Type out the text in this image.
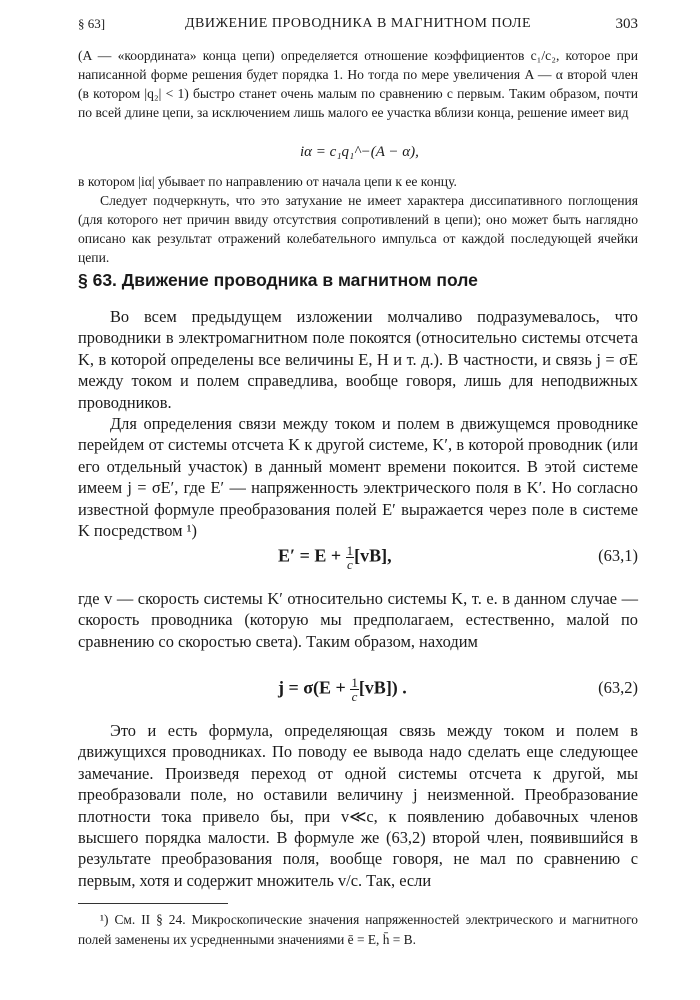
§ 63]	ДВИЖЕНИЕ ПРОВОДНИКА В МАГНИТНОМ ПОЛЕ	303

(A — «координата» конца цепи) определяется отношение коэффициентов c₁/c₂, которое при написанной форме решения будет порядка 1. Но тогда по мере увеличения A — α второй член (в котором |q₂| < 1) быстро станет очень малым по сравнению с первым. Таким образом, почти по всей длине цепи, за исключением лишь малого ее участка вблизи конца, решение имеет вид

iα = c₁q₁^−(A − α),

в котором |iα| убывает по направлению от начала цепи к ее концу.

Следует подчеркнуть, что это затухание не имеет характера диссипативного поглощения (для которого нет причин ввиду отсутствия сопротивлений в цепи); оно может быть наглядно описано как результат отражений колебательного импульса от каждой последующей ячейки цепи.

§ 63. Движение проводника в магнитном поле

Во всем предыдущем изложении молчаливо подразумевалось, что проводники в электромагнитном поле покоятся (относительно системы отсчета K, в которой определены все величины E, H и т. д.). В частности, и связь j = σE между током и полем справедлива, вообще говоря, лишь для неподвижных проводников.

Для определения связи между током и полем в движущемся проводнике перейдем от системы отсчета K к другой системе, K′, в которой проводник (или его отдельный участок) в данный момент времени покоится. В этой системе имеем j = σE′, где E′ — напряженность электрического поля в K′. Но согласно известной формуле преобразования полей E′ выражается через поле в системе K посредством ¹)

$E' = E + \frac{1}{c} [vB]$,	(63,1)

где v — скорость системы K′ относительно системы K, т. е. в данном случае — скорость проводника (которую мы предполагаем, естественно, малой по сравнению со скоростью света). Таким образом, находим

$j = \sigma(E + \frac{1}{c} [vB])$ .	(63,2)

Это и есть формула, определяющая связь между током и полем в движущихся проводниках. По поводу ее вывода надо сделать еще следующее замечание. Произведя переход от одной системы отсчета к другой, мы преобразовали поле, но оставили величину j неизменной. Преобразование плотности тока привело бы, при v≪c, к появлению добавочных членов высшего порядка малости. В формуле же (63,2) второй член, появившийся в результате преобразования поля, вообще говоря, не мал по сравнению с первым, хотя и содержит множитель v/c. Так, если

¹) См. II § 24. Микроскопические значения напряженностей электрического и магнитного полей заменены их усредненными значениями ē = E, h̄ = B.
